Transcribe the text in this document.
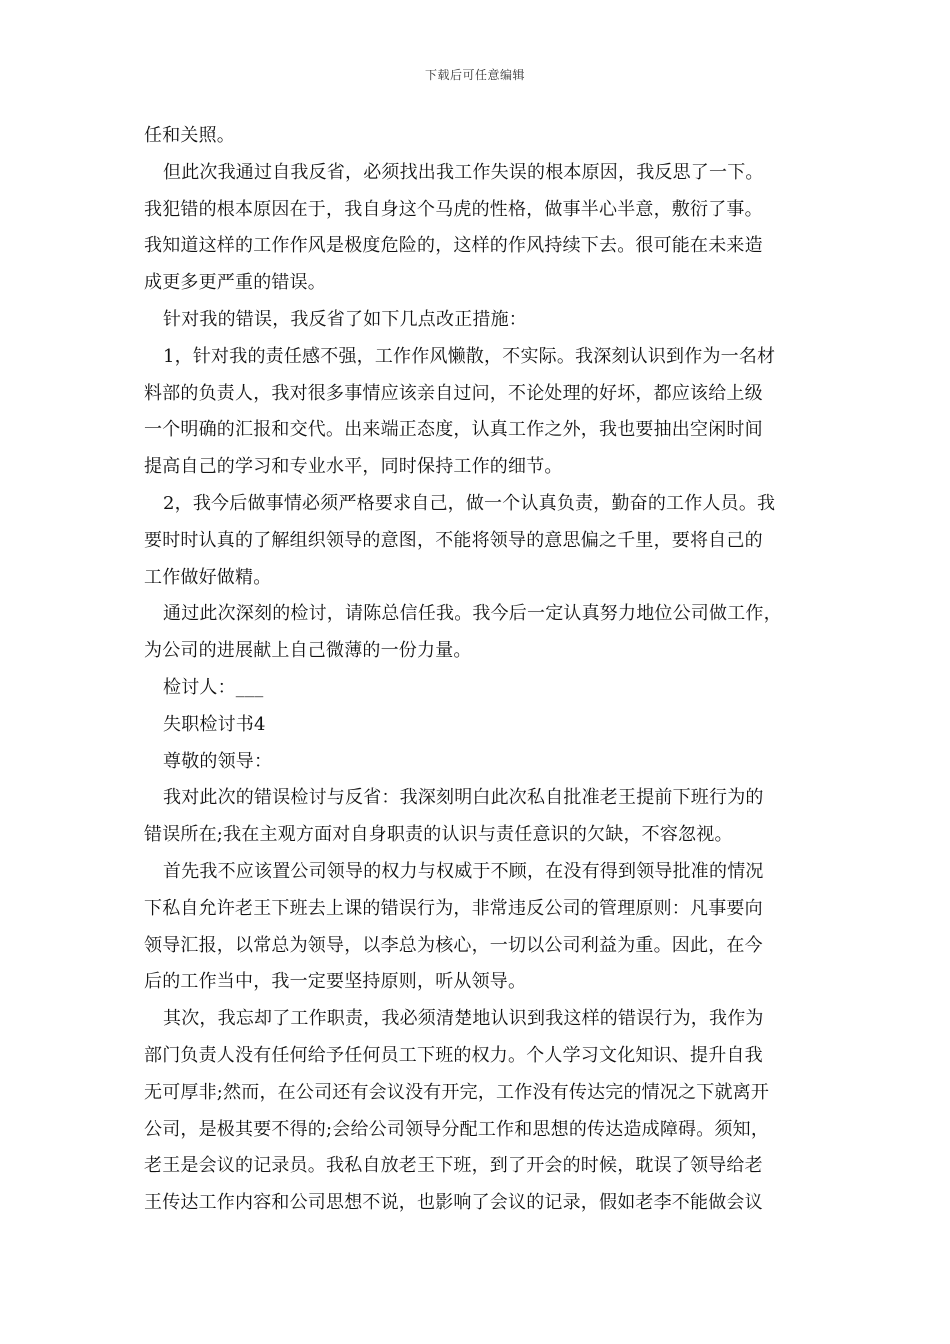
下载后可任意编辑
任和关照。
但此次我通过自我反省，必须找出我工作失误的根本原因，我反思了一下。
我犯错的根本原因在于，我自身这个马虎的性格，做事半心半意，敷衍了事。
我知道这样的工作作风是极度危险的，这样的作风持续下去。很可能在未来造
成更多更严重的错误。
针对我的错误，我反省了如下几点改正措施：
1，针对我的责任感不强，工作作风懒散，不实际。我深刻认识到作为一名材
料部的负责人，我对很多事情应该亲自过问，不论处理的好坏，都应该给上级
一个明确的汇报和交代。出来端正态度，认真工作之外，我也要抽出空闲时间
提高自己的学习和专业水平，同时保持工作的细节。
2，我今后做事情必须严格要求自己，做一个认真负责，勤奋的工作人员。我
要时时认真的了解组织领导的意图，不能将领导的意思偏之千里，要将自己的
工作做好做精。
通过此次深刻的检讨，请陈总信任我。我今后一定认真努力地位公司做工作，
为公司的进展献上自己微薄的一份力量。
检讨人：___
失职检讨书4
尊敬的领导：
我对此次的错误检讨与反省：我深刻明白此次私自批准老王提前下班行为的
错误所在;我在主观方面对自身职责的认识与责任意识的欠缺，不容忽视。
首先我不应该置公司领导的权力与权威于不顾，在没有得到领导批准的情况
下私自允许老王下班去上课的错误行为，非常违反公司的管理原则：凡事要向
领导汇报，以常总为领导，以李总为核心，一切以公司利益为重。因此，在今
后的工作当中，我一定要坚持原则，听从领导。
其次，我忘却了工作职责，我必须清楚地认识到我这样的错误行为，我作为
部门负责人没有任何给予任何员工下班的权力。个人学习文化知识、提升自我
无可厚非;然而，在公司还有会议没有开完，工作没有传达完的情况之下就离开
公司，是极其要不得的;会给公司领导分配工作和思想的传达造成障碍。须知，
老王是会议的记录员。我私自放老王下班，到了开会的时候，耽误了领导给老
王传达工作内容和公司思想不说，也影响了会议的记录，假如老李不能做会议
